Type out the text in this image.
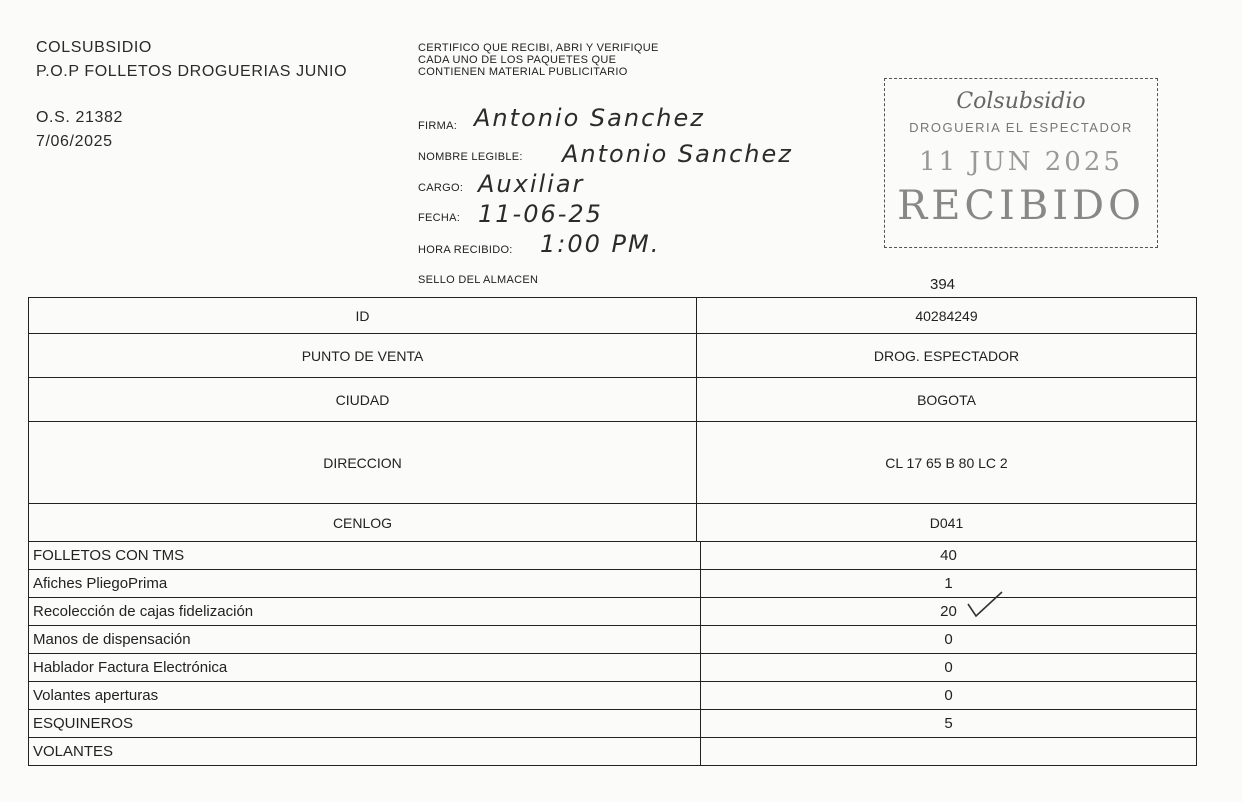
COLSUBSIDIO
P.O.P FOLLETOS DROGUERIAS JUNIO
O.S. 21382
7/06/2025
CERTIFICO QUE RECIBI, ABRI Y VERIFIQUE CADA UNO DE LOS PAQUETES QUE CONTIENEN MATERIAL PUBLICITARIO
FIRMA: Antonio Sanchez
NOMBRE LEGIBLE: Antonio Sanchez
CARGO: Auxiliar
FECHA: 11-06-25
HORA RECIBIDO: 1:00 PM.
SELLO DEL ALMACEN
Colsubsidio
DROGUERIA EL ESPECTADOR
11 JUN 2025
RECIBIDO
394
ID	40284249
PUNTO DE VENTA	DROG. ESPECTADOR
CIUDAD	BOGOTA
DIRECCION	CL 17 65 B 80 LC 2
CENLOG	D041
FOLLETOS CON TMS	40
Afiches PliegoPrima	1
Recolección de cajas fidelización	20
Manos de dispensación	0
Hablador Factura Electrónica	0
Volantes aperturas	0
ESQUINEROS	5
VOLANTES	
